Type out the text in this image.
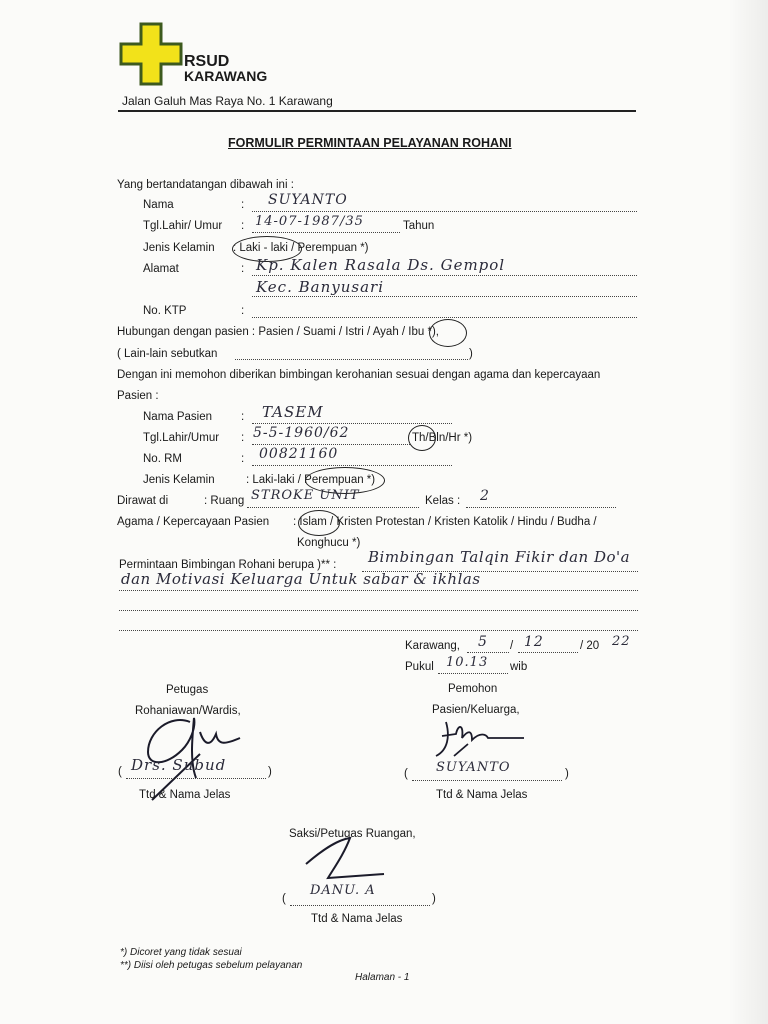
RSUD
KARAWANG
Jalan Galuh Mas Raya No. 1 Karawang
FORMULIR PERMINTAAN PELAYANAN ROHANI
Yang bertandatangan dibawah ini :
Nama	: SUYANTO
Tgl.Lahir/ Umur : 14-07-1987/35	Tahun
Jenis Kelamin : Laki - laki / Perempuan *)
Alamat	: Kp. Kalen Rasala Ds. Gempol
Kec. Banyusari
No. KTP	:
Hubungan dengan pasien : Pasien / Suami / Istri / Ayah / Ibu *),
( Lain-lain sebutkan	)
Dengan ini memohon diberikan bimbingan kerohanian sesuai dengan agama dan kepercayaan
Pasien :
Nama Pasien	: TASEM
Tgl.Lahir/Umur : 5-5-1960/62	Th/Bln/Hr *)
No. RM	: 00821160
Jenis Kelamin	: Laki-laki / Perempuan *)
Dirawat di	: Ruang STROKE UNIT	Kelas : 2
Agama / Kepercayaan Pasien : Islam / Kristen Protestan / Kristen Katolik / Hindu / Budha /
Konghucu *)
Permintaan Bimbingan Rohani berupa )** : Bimbingan Talqin Fikir dan Do'a
dan Motivasi Keluarga Untuk sabar & ikhlas
Karawang, 5 / 12	/ 20 22
Pukul 10.13 wib
Petugas
Rohaniawan/Wardis,
( Drs. Subud	)
Ttd & Nama Jelas
Pemohon
Pasien/Keluarga,
( SUYANTO	)
Ttd & Nama Jelas
Saksi/Petugas Ruangan,
(
DANU. A
)
Ttd & Nama Jelas
*) Dicoret yang tidak sesuai
**) Diisi oleh petugas sebelum pelayanan
Halaman - 1
